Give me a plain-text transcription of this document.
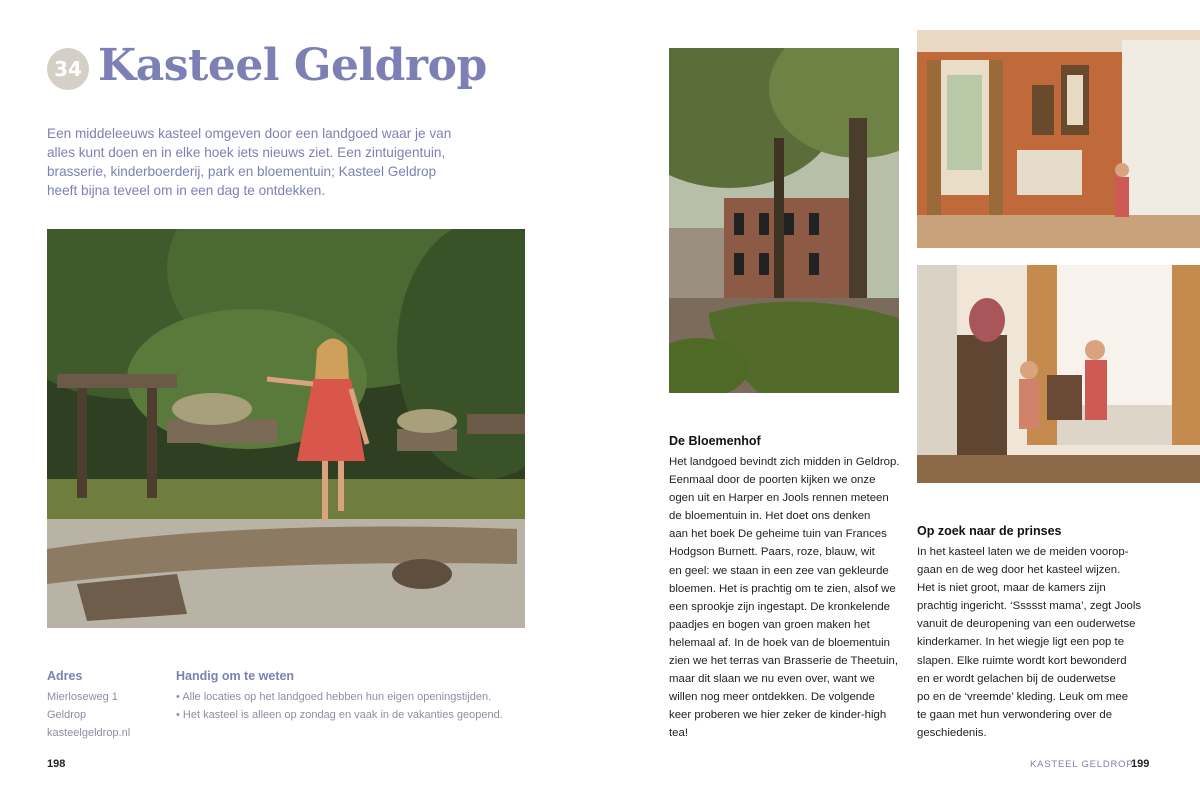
34 Kasteel Geldrop
Een middeleeuws kasteel omgeven door een landgoed waar je van alles kunt doen en in elke hoek iets nieuws ziet. Een zintuigentuin, brasserie, kinderboerderij, park en bloementuin; Kasteel Geldrop heeft bijna teveel om in een dag te ontdekken.
De Bloemenhof
Het landgoed bevindt zich midden in Geldrop.
Eenmaal door de poorten kijken we onze
ogen uit en Harper en Jools rennen meteen
de bloementuin in. Het doet ons denken
aan het boek De geheime tuin van Frances
Hodgson Burnett. Paars, roze, blauw, wit
en geel: we staan in een zee van gekleurde
bloemen. Het is prachtig om te zien, alsof we
een sprookje zijn ingestapt. De kronkelende
paadjes en bogen van groen maken het
helemaal af. In de hoek van de bloementuin
zien we het terras van Brasserie de Theetuin,
maar dit slaan we nu even over, want we
willen nog meer ontdekken. De volgende
keer proberen we hier zeker de kinder-high
tea!
Op zoek naar de prinses
In het kasteel laten we de meiden voorop-
gaan en de weg door het kasteel wijzen.
Het is niet groot, maar de kamers zijn
prachtig ingericht. ‘Ssssst mama’, zegt Jools
vanuit de deuropening van een ouderwetse
kinderkamer. In het wiegje ligt een pop te
slapen. Elke ruimte wordt kort bewonderd
en er wordt gelachen bij de ouderwetse
po en de ‘vreemde’ kleding. Leuk om mee
te gaan met hun verwondering over de
geschiedenis.
Adres
Mierloseweg 1
Geldrop
kasteelgeldrop.nl
Handig om te weten
• Alle locaties op het landgoed hebben hun eigen openingstijden.
• Het kasteel is alleen op zondag en vaak in de vakanties geopend.
198	KASTEEL GELDROP
199
